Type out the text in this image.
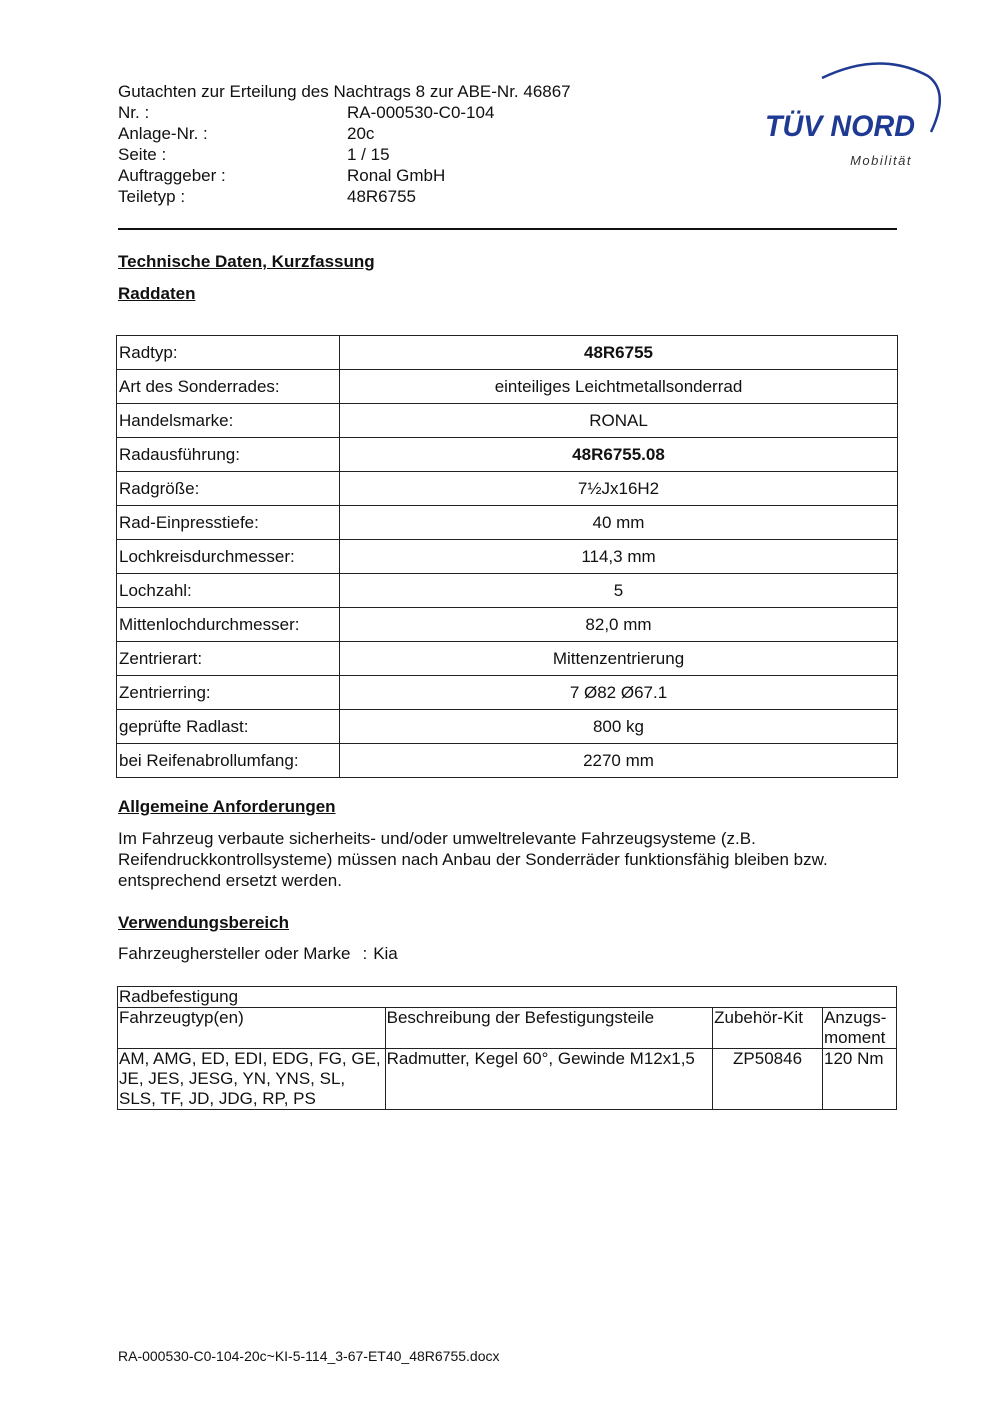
Gutachten zur Erteilung des Nachtrags 8 zur ABE-Nr. 46867
Nr. :	RA-000530-C0-104
Anlage-Nr. :	20c
Seite :	1 / 15
Auftraggeber :	Ronal GmbH
Teiletyp :	48R6755
TÜV NORD
Mobilität
Technische Daten, Kurzfassung
Raddaten
Radtyp:	48R6755
Art des Sonderrades:	einteiliges Leichtmetallsonderrad
Handelsmarke:	RONAL
Radausführung:	48R6755.08
Radgröße:	7½Jx16H2
Rad-Einpresstiefe:	40 mm
Lochkreisdurchmesser:	114,3 mm
Lochzahl:	5
Mittenlochdurchmesser:	82,0 mm
Zentrierart:	Mittenzentrierung
Zentrierring:	7 Ø82 Ø67.1
geprüfte Radlast:	800 kg
bei Reifenabrollumfang:	2270 mm
Allgemeine Anforderungen
Im Fahrzeug verbaute sicherheits- und/oder umweltrelevante Fahrzeugsysteme (z.B. Reifendruckkontrollsysteme) müssen nach Anbau der Sonderräder funktionsfähig bleiben bzw. entsprechend ersetzt werden.
Verwendungsbereich
Fahrzeughersteller oder Marke : Kia
Radbefestigung			
Fahrzeugtyp(en)	Beschreibung der Befestigungsteile	Zubehör-Kit	Anzugs-moment
AM, AMG, ED, EDI, EDG, FG, GE, JE, JES, JESG, YN, YNS, SL, SLS, TF, JD, JDG, RP, PS	Radmutter, Kegel 60°, Gewinde M12x1,5	ZP50846	120 Nm
RA-000530-C0-104-20c~KI-5-114_3-67-ET40_48R6755.docx
